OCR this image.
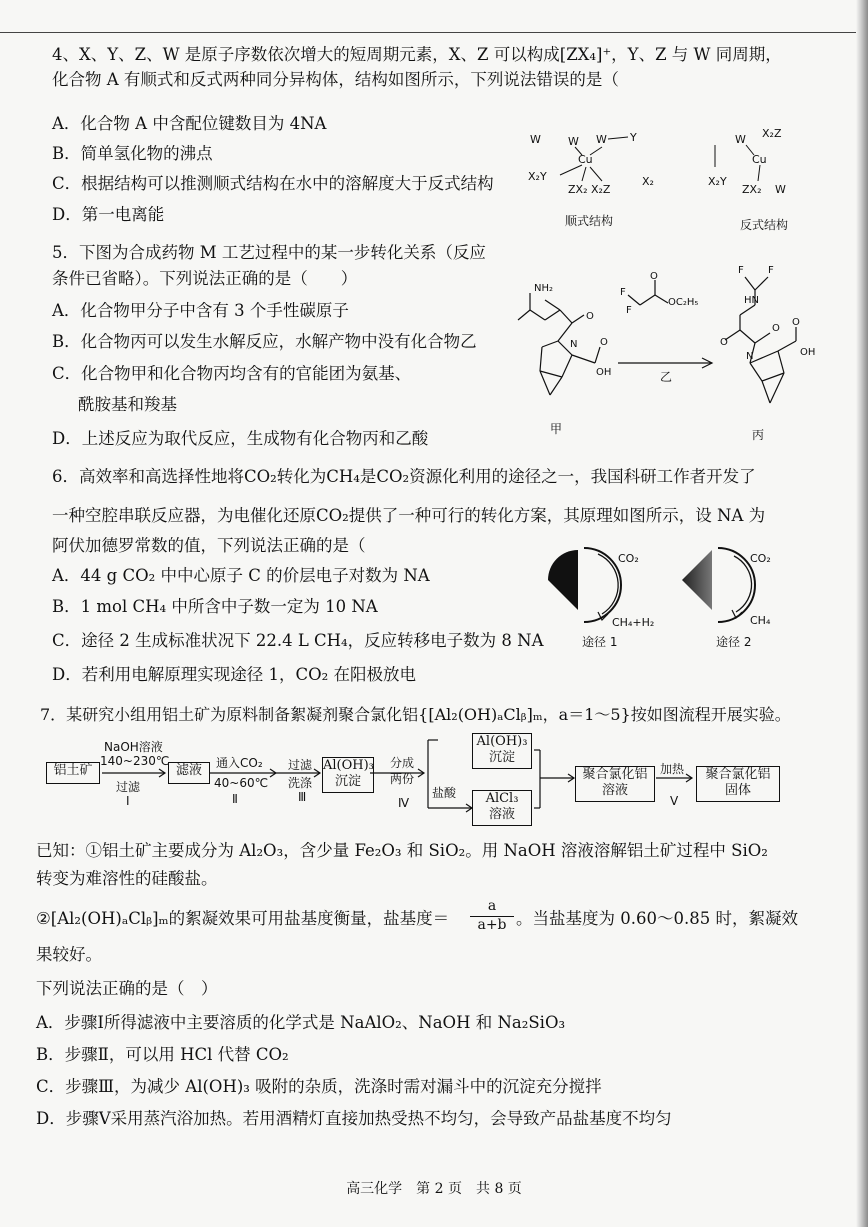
4、X、Y、Z、W 是原子序数依次增大的短周期元素，X、Z 可以构成[ZX₄]⁺，Y、Z 与 W 同周期，
化合物 A 有顺式和反式两种同分异构体，结构如图所示，下列说法错误的是（
A．化合物 A 中含配位键数目为 4NA
B．简单氢化物的沸点
C．根据结构可以推测顺式结构在水中的溶解度大于反式结构
D．第一电离能
W W W Y
Cu
X₂Y
ZX₂ X₂Z
X₂	X₂Y
W X₂Z
Cu
ZX₂ W
顺式结构	反式结构
5．下图为合成药物 M 工艺过程中的某一步转化关系（反应
条件已省略）。下列说法正确的是（　　）
A．化合物甲分子中含有 3 个手性碳原子
B．化合物丙可以发生水解反应，水解产物中没有化合物乙
C．化合物甲和化合物丙均含有的官能团为氨基、
酰胺基和羧基
D．上述反应为取代反应，生成物有化合物丙和乙酸
NH₂
O
N
OH
O
F
F
O
OC₂H₅
F F
HN
O
O
N
O
OH
乙
甲	丙
6．高效率和高选择性地将CO₂转化为CH₄是CO₂资源化利用的途径之一，我国科研工作者开发了
一种空腔串联反应器，为电催化还原CO₂提供了一种可行的转化方案，其原理如图所示，设 NA 为
阿伏加德罗常数的值，下列说法正确的是（
A．44 g CO₂ 中中心原子 C 的价层电子对数为 NA
B．1 mol CH₄ 中所含中子数一定为 10 NA
C．途径 2 生成标准状况下 22.4 L CH₄，反应转移电子数为 8 NA
D．若利用电解原理实现途径 1，CO₂ 在阳极放电
CO₂
CH₄+H₂
途径 1
CO₂
CH₄
途径 2
7．某研究小组用铝土矿为原料制备絮凝剂聚合氯化铝{[Al₂(OH)ₐClᵦ]ₘ，a＝1～5}按如图流程开展实验。
铝土矿
NaOH溶液
140~230℃
过滤
Ⅰ
滤液	通入CO₂
40~60℃
Ⅱ
过滤
洗涤
Ⅲ
Al(OH)₃
沉淀
分成
两份
Ⅳ
盐酸
Al(OH)₃
沉淀
AlCl₃
溶液
聚合氯化铝
溶液
加热
Ⅴ
聚合氯化铝
固体
已知：①铝土矿主要成分为 Al₂O₃，含少量 Fe₂O₃ 和 SiO₂。用 NaOH 溶液溶解铝土矿过程中 SiO₂
转变为难溶性的硅酸盐。
②[Al₂(OH)ₐClᵦ]ₘ的絮凝效果可用盐基度衡量，盐基度＝ $\frac{a}{a+b}$ 。当盐基度为 0.60～0.85 时，絮凝效
果较好。
下列说法正确的是（　）
A．步骤Ⅰ所得滤液中主要溶质的化学式是 NaAlO₂、NaOH 和 Na₂SiO₃
B．步骤Ⅱ，可以用 HCl 代替 CO₂
C．步骤Ⅲ，为减少 Al(OH)₃ 吸附的杂质，洗涤时需对漏斗中的沉淀充分搅拌
D．步骤Ⅴ采用蒸汽浴加热。若用酒精灯直接加热受热不均匀，会导致产品盐基度不均匀
高三化学　第 2 页　共 8 页
